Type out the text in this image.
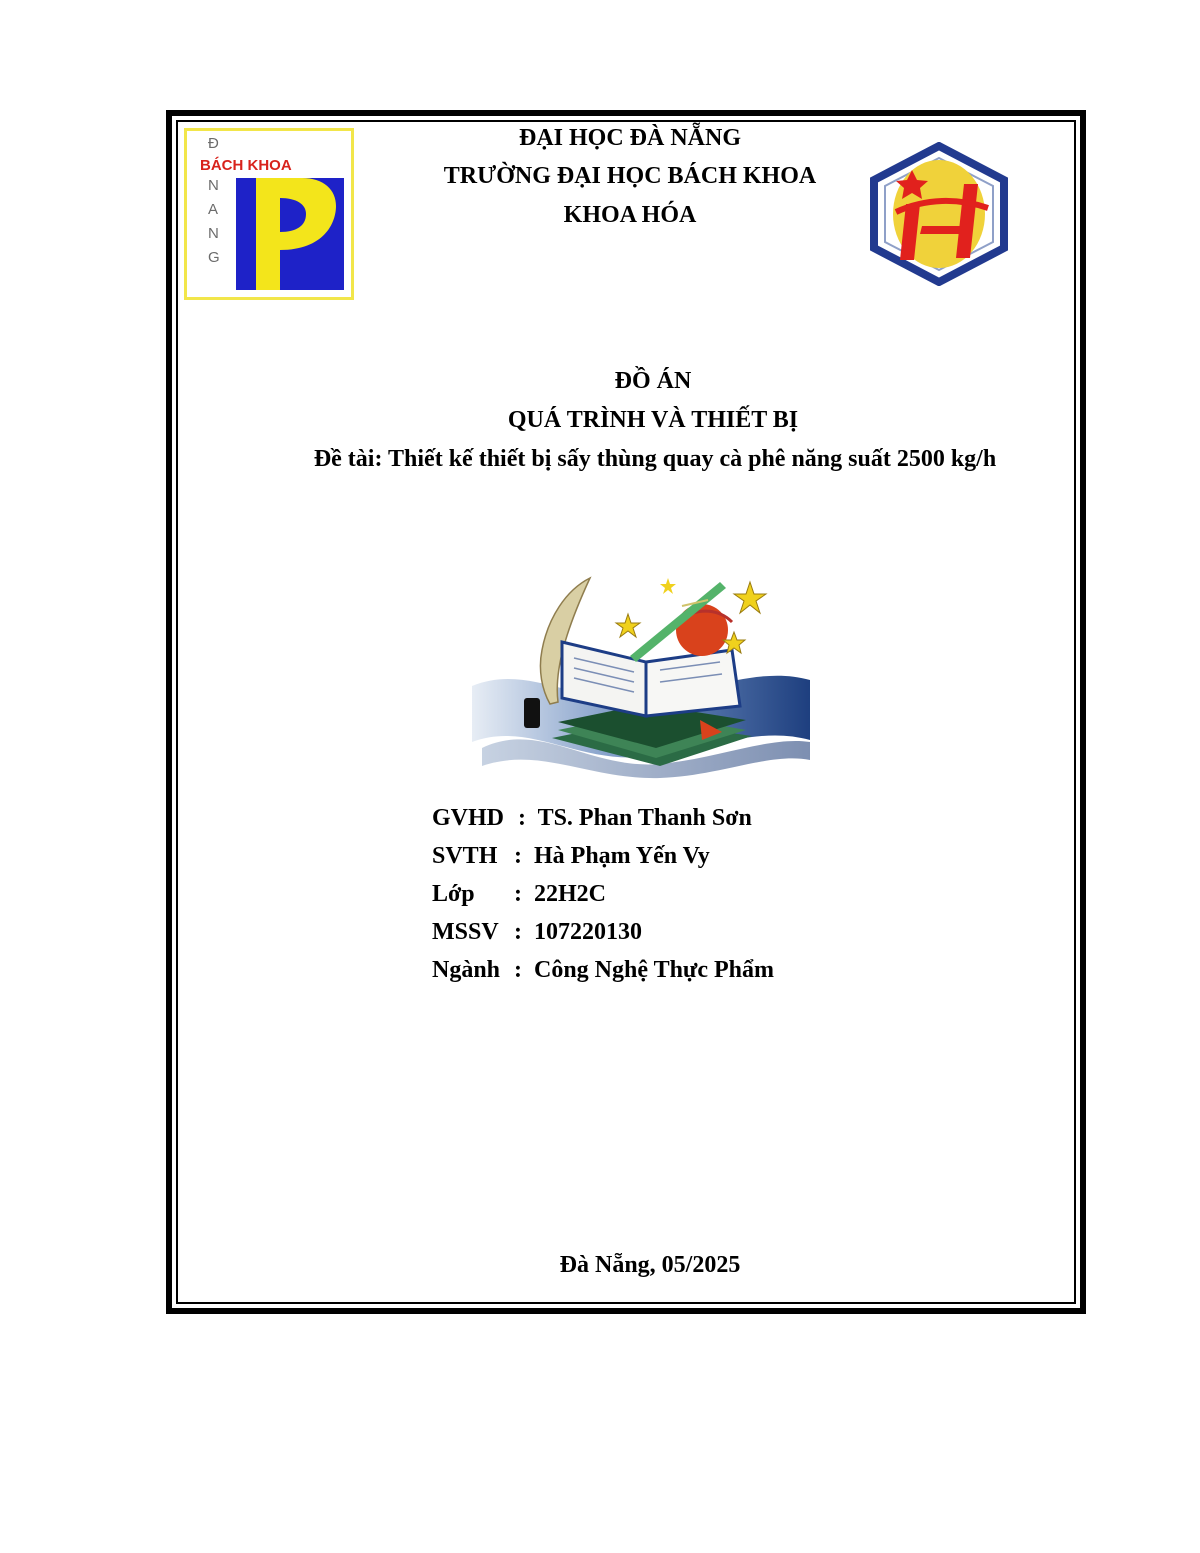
BÁCH KHOA
Đ
N
A
N
G
ĐẠI HỌC ĐÀ NẴNG
TRƯỜNG ĐẠI HỌC BÁCH KHOA
KHOA HÓA
ĐỒ ÁN
QUÁ TRÌNH VÀ THIẾT BỊ
Đề tài: Thiết kế thiết bị sấy thùng quay cà phê năng suất 2500 kg/h
GVHD : TS. Phan Thanh Sơn
SVTH : Hà Phạm Yến Vy
Lớp : 22H2C
MSSV : 107220130
Ngành : Công Nghệ Thực Phẩm
Đà Nẵng, 05/2025
